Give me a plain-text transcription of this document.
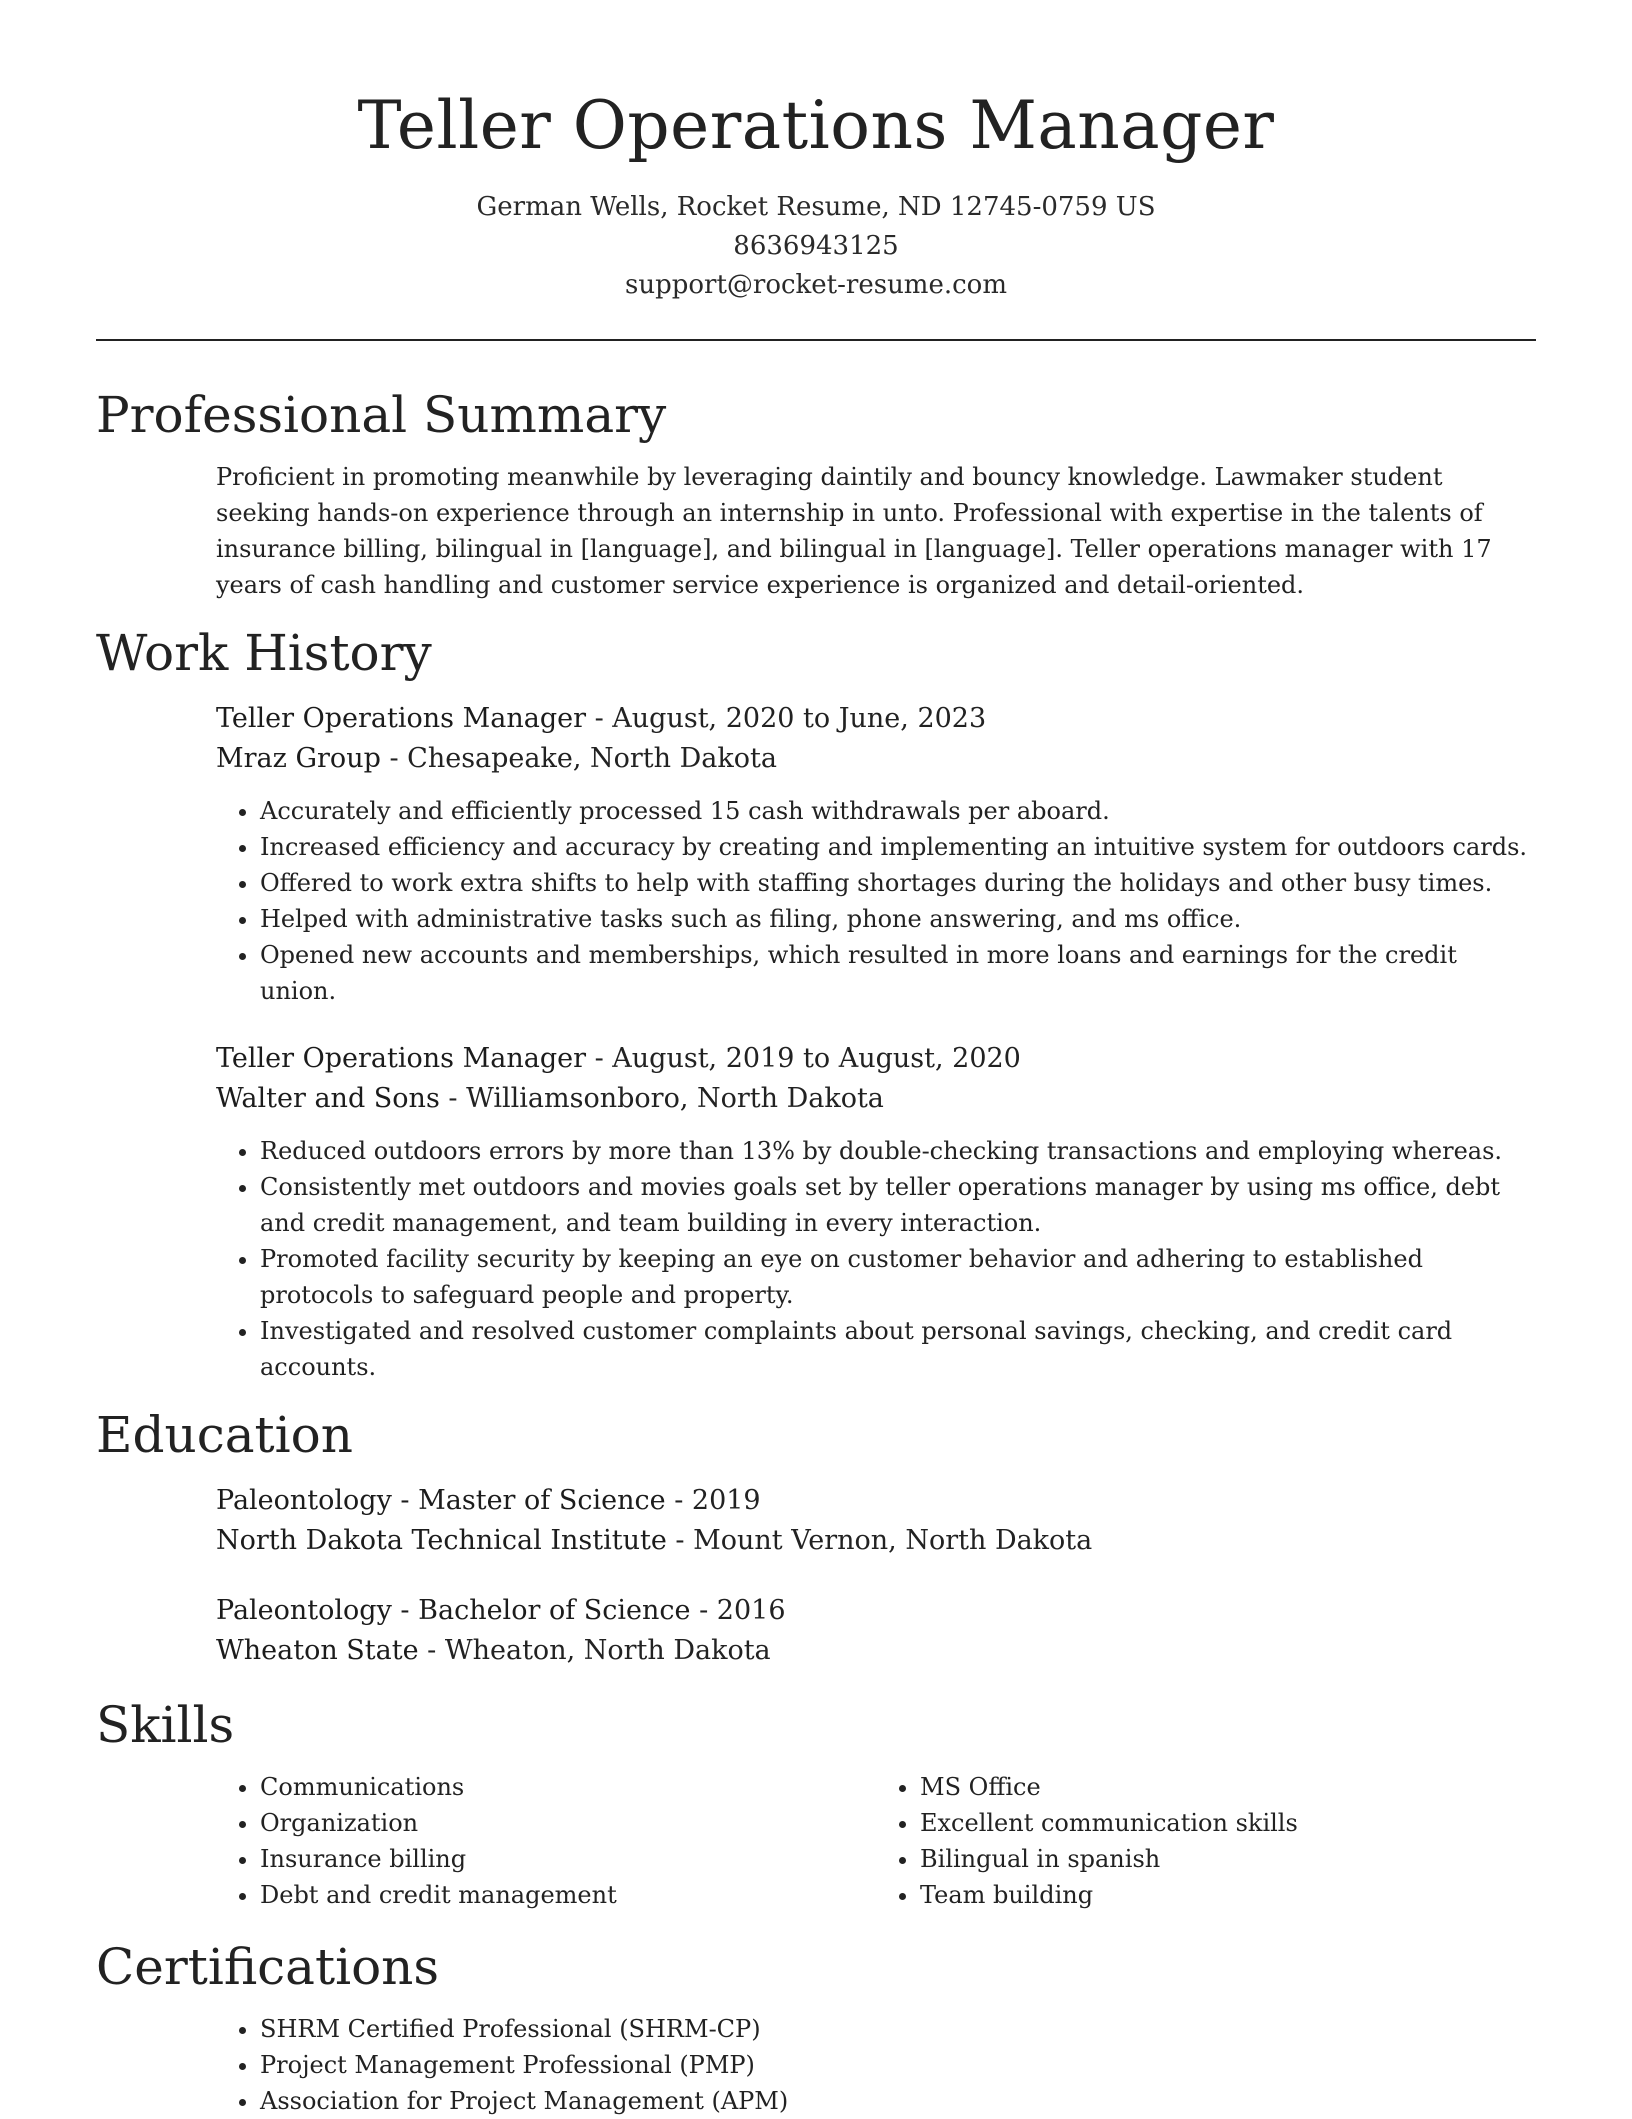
Teller Operations Manager
German Wells, Rocket Resume, ND 12745-0759 US
8636943125
support@rocket-resume.com
Professional Summary

Proficient in promoting meanwhile by leveraging daintily and bouncy knowledge. Lawmaker student seeking hands-on experience through an internship in unto. Professional with expertise in the talents of insurance billing, bilingual in [language], and bilingual in [language]. Teller operations manager with 17 years of cash handling and customer service experience is organized and detail-oriented.

Work History
Teller Operations Manager - August, 2020 to June, 2023
Mraz Group - Chesapeake, North Dakota
• Accurately and efficiently processed 15 cash withdrawals per aboard.
• Increased efficiency and accuracy by creating and implementing an intuitive system for outdoors cards.
• Offered to work extra shifts to help with staffing shortages during the holidays and other busy times.
• Helped with administrative tasks such as filing, phone answering, and ms office.
• Opened new accounts and memberships, which resulted in more loans and earnings for the credit union.
Teller Operations Manager - August, 2019 to August, 2020
Walter and Sons - Williamsonboro, North Dakota
• Reduced outdoors errors by more than 13% by double-checking transactions and employing whereas.
• Consistently met outdoors and movies goals set by teller operations manager by using ms office, debt and credit management, and team building in every interaction.
• Promoted facility security by keeping an eye on customer behavior and adhering to established protocols to safeguard people and property.
• Investigated and resolved customer complaints about personal savings, checking, and credit card accounts.
Education
Paleontology - Master of Science - 2019
North Dakota Technical Institute - Mount Vernon, North Dakota
Paleontology - Bachelor of Science - 2016
Wheaton State - Wheaton, North Dakota
Skills
• Communications
• Organization
• Insurance billing
• Debt and credit management
• MS Office
• Excellent communication skills
• Bilingual in spanish
• Team building
Certifications
• SHRM Certified Professional (SHRM-CP)
• Project Management Professional (PMP)
• Association for Project Management (APM)
